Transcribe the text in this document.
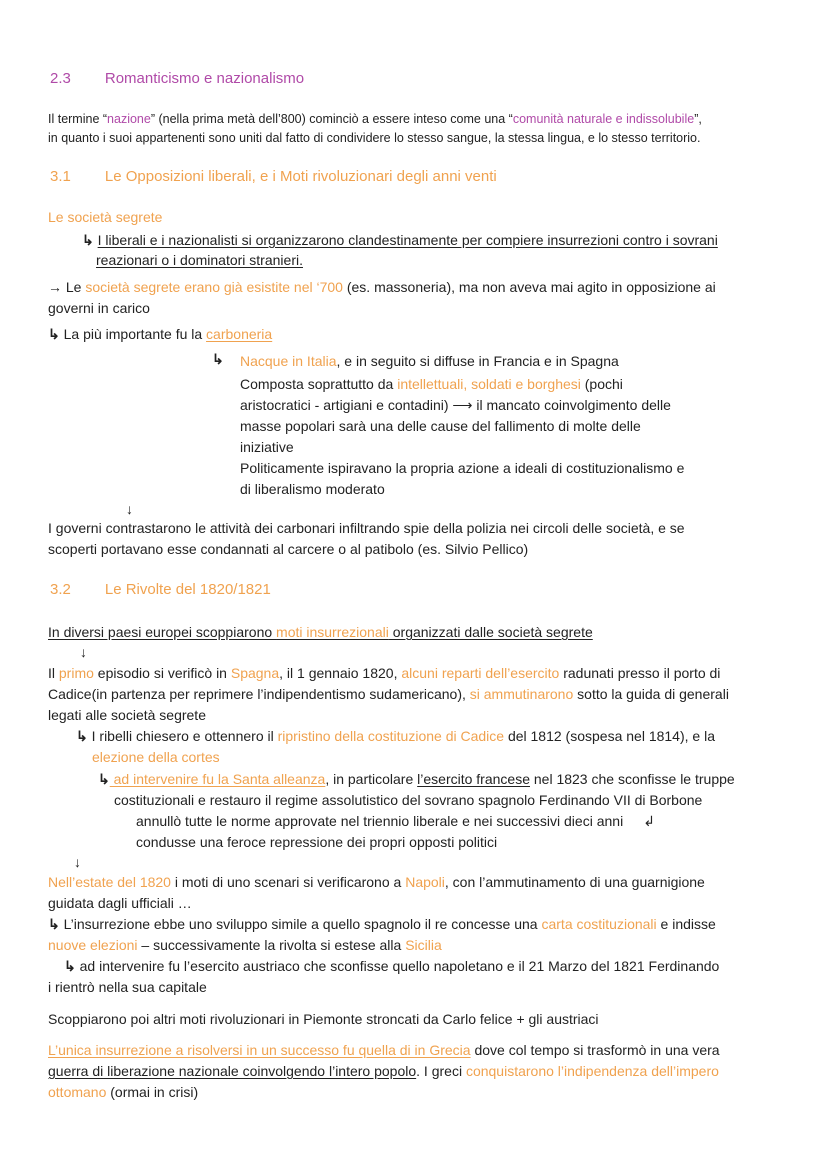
2.3 Romanticismo e nazionalismo
Il termine “nazione” (nella prima metà dell’800) cominciò a essere inteso come una “comunità naturale e indissolubile”,
in quanto i suoi appartenenti sono uniti dal fatto di condividere lo stesso sangue, la stessa lingua, e lo stesso territorio.
3.1 Le Opposizioni liberali, e i Moti rivoluzionari degli anni venti
Le società segrete
↳ I liberali e i nazionalisti si organizzarono clandestinamente per compiere insurrezioni contro i sovrani
reazionari o i dominatori stranieri.
→ Le società segrete erano già esistite nel ‘700 (es. massoneria), ma non aveva mai agito in opposizione ai
governi in carico
↳ La più importante fu la carboneria
↳ Nacque in Italia, e in seguito si diffuse in Francia e in Spagna
Composta soprattutto da intellettuali, soldati e borghesi (pochi
aristocratici - artigiani e contadini) ⟶ il mancato coinvolgimento delle
masse popolari sarà una delle cause del fallimento di molte delle
iniziative
Politicamente ispiravano la propria azione a ideali di costituzionalismo e
di liberalismo moderato
↓
I governi contrastarono le attività dei carbonari infiltrando spie della polizia nei circoli delle società, e se
scoperti portavano esse condannati al carcere o al patibolo (es. Silvio Pellico)
3.2 Le Rivolte del 1820/1821
In diversi paesi europei scoppiarono moti insurrezionali organizzati dalle società segrete
↓
Il primo episodio si verificò in Spagna, il 1 gennaio 1820, alcuni reparti dell’esercito radunati presso il porto di
Cadice(in partenza per reprimere l’indipendentismo sudamericano), si ammutinarono sotto la guida di generali
legati alle società segrete
↳ I ribelli chiesero e ottennero il ripristino della costituzione di Cadice del 1812 (sospesa nel 1814), e la
elezione della cortes
↳ ad intervenire fu la Santa alleanza, in particolare l’esercito francese nel 1823 che sconfisse le truppe
costituzionali e restauro il regime assolutistico del sovrano spagnolo Ferdinando VII di Borbone
annullò tutte le norme approvate nel triennio liberale e nei successivi dieci anni ↲
condusse una feroce repressione dei propri opposti politici
↓
Nell’estate del 1820 i moti di uno scenari si verificarono a Napoli, con l’ammutinamento di una guarnigione
guidata dagli ufficiali …
↳ L’insurrezione ebbe uno sviluppo simile a quello spagnolo il re concesse una carta costituzionali e indisse
nuove elezioni – successivamente la rivolta si estese alla Sicilia
↳ ad intervenire fu l’esercito austriaco che sconfisse quello napoletano e il 21 Marzo del 1821 Ferdinando
i rientrò nella sua capitale
Scoppiarono poi altri moti rivoluzionari in Piemonte stroncati da Carlo felice + gli austriaci
L’unica insurrezione a risolversi in un successo fu quella di in Grecia dove col tempo si trasformò in una vera
guerra di liberazione nazionale coinvolgendo l’intero popolo. I greci conquistarono l’indipendenza dell’impero
ottomano (ormai in crisi)
